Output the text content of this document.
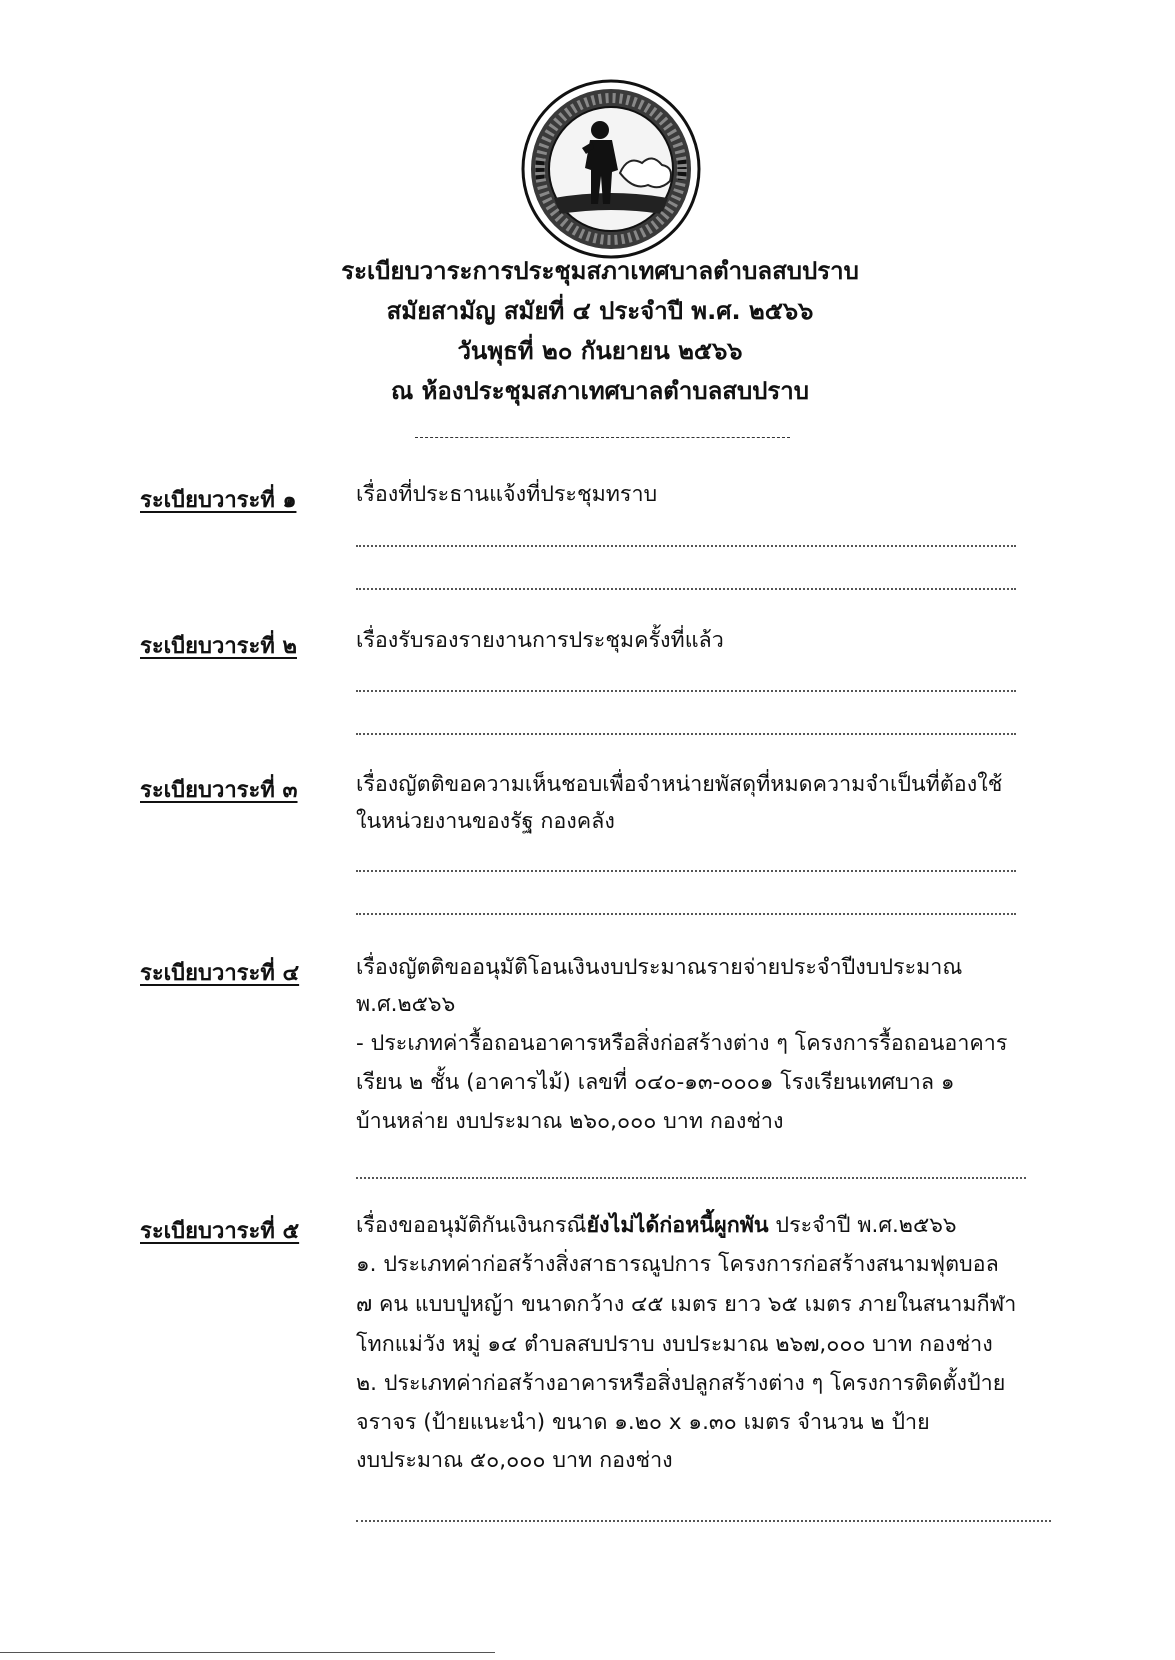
ระเบียบวาระการประชุมสภาเทศบาลตำบลสบปราบ
สมัยสามัญ สมัยที่ ๔ ประจำปี พ.ศ. ๒๕๖๖
วันพุธที่ ๒๐ กันยายน ๒๕๖๖
ณ ห้องประชุมสภาเทศบาลตำบลสบปราบ
ระเบียบวาระที่ ๑	เรื่องที่ประธานแจ้งที่ประชุมทราบ
ระเบียบวาระที่ ๒	เรื่องรับรองรายงานการประชุมครั้งที่แล้ว
ระเบียบวาระที่ ๓	เรื่องญัตติขอความเห็นชอบเพื่อจำหน่ายพัสดุที่หมดความจำเป็นที่ต้องใช้
ในหน่วยงานของรัฐ กองคลัง
ระเบียบวาระที่ ๔	เรื่องญัตติขออนุมัติโอนเงินงบประมาณรายจ่ายประจำปีงบประมาณ
พ.ศ.๒๕๖๖
- ประเภทค่ารื้อถอนอาคารหรือสิ่งก่อสร้างต่าง ๆ โครงการรื้อถอนอาคาร
เรียน ๒ ชั้น (อาคารไม้) เลขที่ ๐๔๐-๑๓-๐๐๐๑ โรงเรียนเทศบาล ๑
บ้านหล่าย งบประมาณ ๒๖๐,๐๐๐ บาท กองช่าง
ระเบียบวาระที่ ๕	เรื่องขออนุมัติกันเงินกรณียังไม่ได้ก่อหนี้ผูกพัน ประจำปี พ.ศ.๒๕๖๖
๑. ประเภทค่าก่อสร้างสิ่งสาธารณูปการ โครงการก่อสร้างสนามฟุตบอล
๗ คน แบบปูหญ้า ขนาดกว้าง ๔๕ เมตร ยาว ๖๕ เมตร ภายในสนามกีฬา
โทกแม่วัง หมู่ ๑๔ ตำบลสบปราบ งบประมาณ ๒๖๗,๐๐๐ บาท กองช่าง
๒. ประเภทค่าก่อสร้างอาคารหรือสิ่งปลูกสร้างต่าง ๆ โครงการติดตั้งป้าย
จราจร (ป้ายแนะนำ) ขนาด ๑.๒๐ x ๑.๓๐ เมตร จำนวน ๒ ป้าย
งบประมาณ ๕๐,๐๐๐ บาท กองช่าง
